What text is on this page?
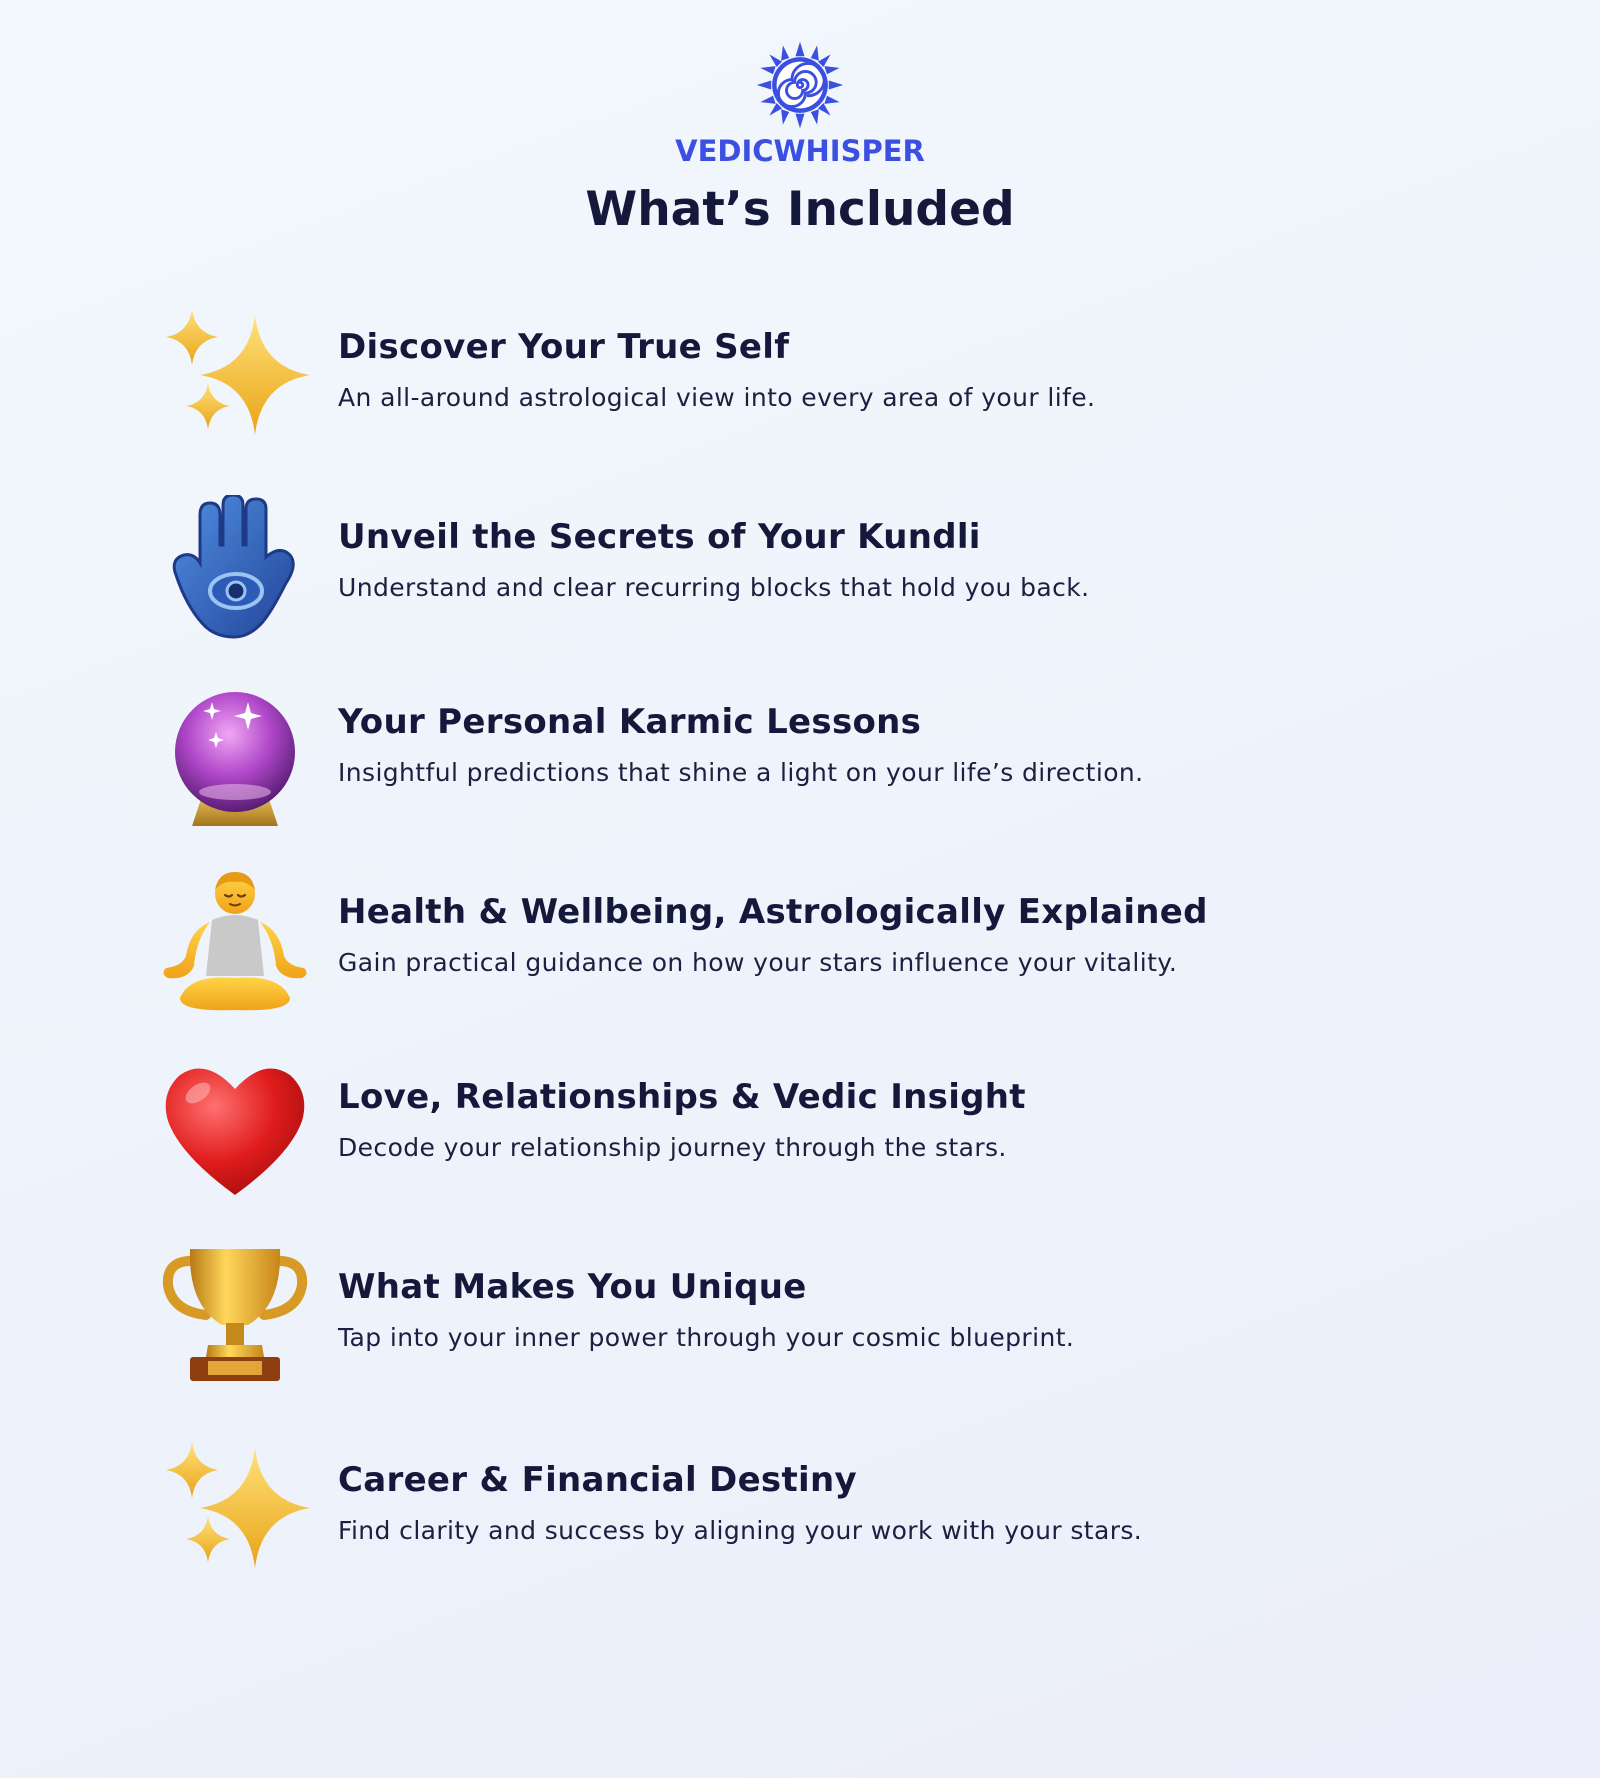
VEDICWHISPER
What’s Included
Discover Your True Self
An all-around astrological view into every area of your life.
Unveil the Secrets of Your Kundli
Understand and clear recurring blocks that hold you back.
Your Personal Karmic Lessons
Insightful predictions that shine a light on your life’s direction.
Health & Wellbeing, Astrologically Explained
Gain practical guidance on how your stars influence your vitality.
Love, Relationships & Vedic Insight
Decode your relationship journey through the stars.
What Makes You Unique
Tap into your inner power through your cosmic blueprint.
Career & Financial Destiny
Find clarity and success by aligning your work with your stars.
